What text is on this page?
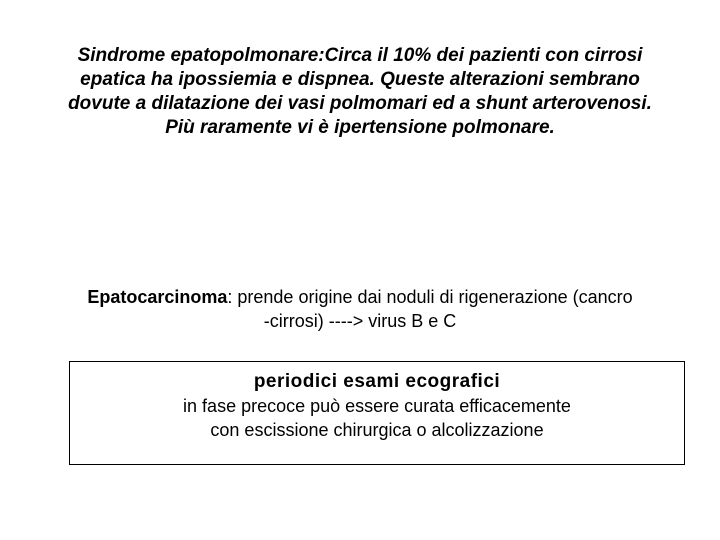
Sindrome epatopolmonare:Circa il 10% dei pazienti con cirrosi
epatica ha ipossiemia e dispnea. Queste alterazioni sembrano
dovute a dilatazione dei vasi polmomari ed a shunt arterovenosi.
Più raramente vi è ipertensione polmonare.
Epatocarcinoma: prende origine dai noduli di rigenerazione (cancro
-cirrosi) ----> virus B e C
periodici esami ecografici
in fase precoce può essere curata efficacemente
con escissione chirurgica o alcolizzazione
